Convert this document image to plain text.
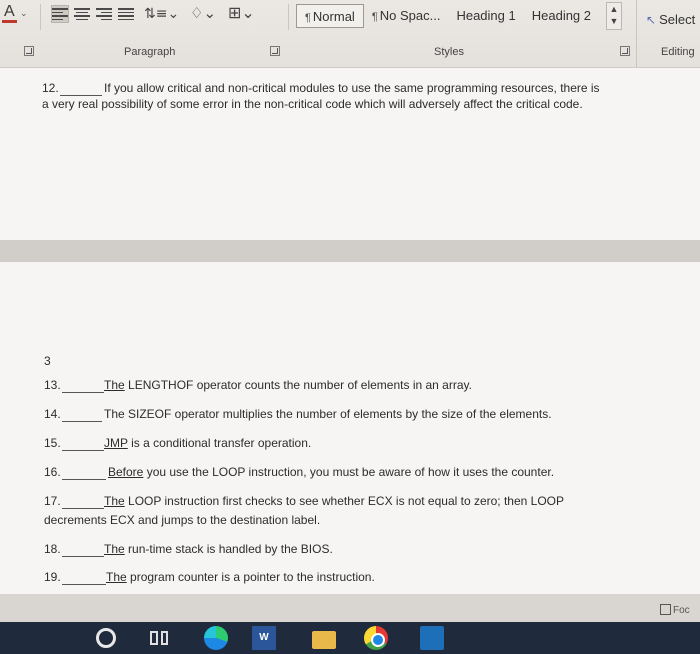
A ⌄	⇅≡⌄ ♢⌄ ⊞⌄	¶ Normal	¶ No Spac...	Heading 1	Heading 2	▲
▼ ↖ Select
Paragraph	Styles	Editing
12.	If you allow critical and non-critical modules to use the same programming resources, there is
a very real possibility of some error in the non-critical code which will adversely affect the critical code.
3
13.	The LENGTHOF operator counts the number of elements in an array.
14.	The SIZEOF operator multiplies the number of elements by the size of the elements.
15.	JMP is a conditional transfer operation.
16.	Before you use the LOOP instruction, you must be aware of how it uses the counter.
17.	The LOOP instruction first checks to see whether ECX is not equal to zero; then LOOP
decrements ECX and jumps to the destination label.
18.	The run-time stack is handled by the BIOS.
19.	The program counter is a pointer to the instruction.
Foc
W
